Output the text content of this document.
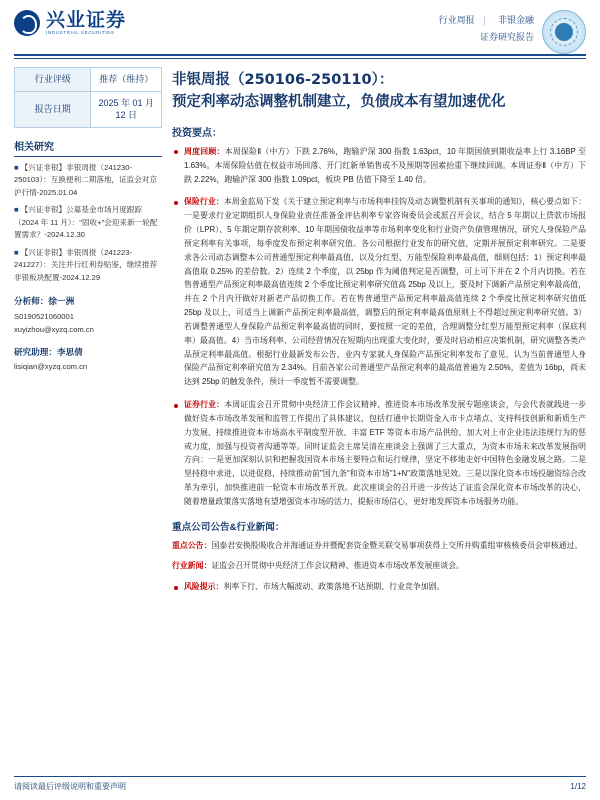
兴业证券
INDUSTRIAL SECURITIES
行业周报 | 非银金融
证券研究报告
行业评级	推荐（维持）
报告日期	2025 年 01 月 12 日
相关研究
■ 【兴证非银】非银周报（241230-250103）：互换便利二期落地，证监会对京沪行情-2025.01.04
■ 【兴证非银】公募基金市场月度跟踪（2024 年 11 月）："固收+"会迎来新一轮配置需求？-2024.12.30
■ 【兴证非银】非银周报（241223-241227）：关注并行红利券贴鉴，继续推荐非银板块配置-2024.12.29
分析师：徐一洲
S0190521060001
xuyizhou@xyzq.com.cn
研究助理：李思倩
lisiqian@xyzq.com.cn
非银周报（250106-250110）：
预定利率动态调整机制建立，负债成本有望加速优化
投资要点：
周度回顾：本周保险Ⅱ（中方）下跌 2.76%，跑输沪深 300 指数 1.63pct，10 年期国债到期收益率上行 3.16BP 至 1.63%。本周保险估值在权益市场回落、开门红新单销售或不及预期等因素抬重下继续回调。本周证券Ⅱ（中方）下跌 2.22%，跑输沪深 300 指数 1.09pct，板块 PB 估值下降至 1.40 倍。
保险行业：本周金监局下发《关于建立预定利率与市场利率挂钩及动态调整机制有关事项的通知》，核心要点如下：一是要求行业定期组织人身保险业责任准备金评估利率专家咨询委员会或派召开会议，结合 5 年期以上贷款市场报价（LPR）、5 年期定期存款利率、10 年期国债收益率等市场利率变化和行业资产负债管理情况，研究人身保险产品预定利率有关事项，每季度发布预定利率研究值。各公司根据行业发布的研究值，定期并展预定利率研究。二是要求各公司动态调整本公司普通型预定利率最高值，以及分红型、万能型保险利率最高值，细则包括：1）预定利率最高值取 0.25% 的差倍数。2）连续 2 个季度，以 25bp 作为阈值判定是否调整，可上可下并在 2 个月内切换。若在售普通型产品预定利率最高值连续 2 个季度比预定利率研究值高 25bp 及以上，要及时下调新产品预定利率最高值，并在 2 个月内开做好对新老产品切换工作。若在售普通型产品预定利率最高值连续 2 个季度比预定利率研究值低 25bp 及以上，可适当上调新产品预定利率最高值，调整后的预定利率最高值原则上不得超过预定利率研究值。3）若调整普通型人身保险产品预定利率最高值的同时，要按照一定的差值，合理调整分红型万能型预定利率（保底利率）最高值。4）当市场利率、公司经营情况在短期内出现重大变化时，要及时启动相应决策机制，研究调整各类产品预定利率最高值。根据行业最新发布公告，业内专家就人身保险产品预定利率发布了意见，认为当前普通型人身保险产品预定利率研究值为 2.34%。目前各家公司普通型产品预定利率的最高值普遍为 2.50%，差值为 16bp，尚未达到 25bp 的触发条件，预计一季度暂不需要调整。
证券行业：本周证监会召开贯彻中央经济工作会议精神、推进资本市场改革发展专题座谈会，与会代表就践进一步做好资本市场改革发展和监管工作提出了具体建议，包括打通中长期资金入市卡点堵点、支持科技创新和新质生产力发展、持续推进资本市场高水平制度型开放、丰富 ETF 等资本市场产品供给、加大对上市企业违法违规行为的惩戒力度，加强与投资者沟通等等。同时证监会主席吴清在座谈会上强调了三大重点，为资本市场未来改革发展指明方向：一是更加深刻认识和把握我国资本市场主要特点和运行规律，坚定不移地走好中国特色金融发展之路。二是坚持稳中求进，以进促稳，持续推动前"国九条"和资本市场"1+N"政策落地见效。三是以深化资本市场投融资综合改革为牵引，加快推进前一轮资本市场改革开放。此次座谈会的召开进一步传达了证监会深化资本市场改革的决心，随着增量政策落实落地有望增强资本市场的活力，提振市场信心，更好地发挥资本市场服务功能。
重点公司公告&行业新闻：
重点公告：国泰君安换股吸收合并海通证券并暨配套资金暨关联交易事项获得上交所并购重组审核核委员会审核通过。
行业新闻：证监会召开贯彻中央经济工作会议精神、推进资本市场改革发展座谈会。
风险提示：利率下行、市场大幅波动、政策落地不达预期、行业竞争加剧。
请阅读最后评级说明和重要声明	1/12
